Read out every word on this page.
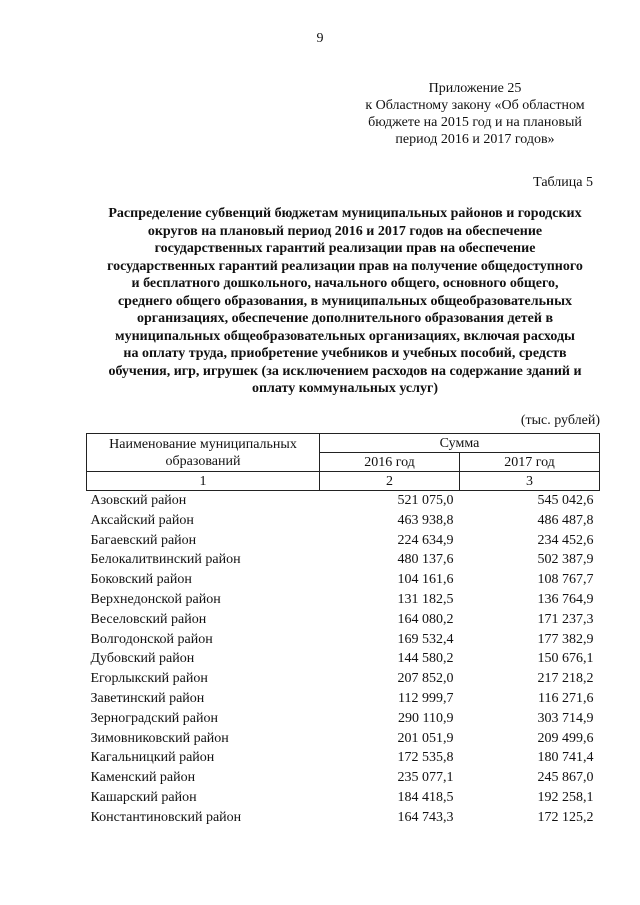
9
Приложение 25
к Областному закону «Об областном
бюджете на 2015 год и на плановый
период 2016 и 2017 годов»
Таблица 5
Распределение субвенций бюджетам муниципальных районов и городских
округов на плановый период 2016 и 2017 годов на обеспечение
государственных гарантий реализации прав на обеспечение
государственных гарантий реализации прав на получение общедоступного
и бесплатного дошкольного, начального общего, основного общего,
среднего общего образования, в муниципальных общеобразовательных
организациях, обеспечение дополнительного образования детей в
муниципальных общеобразовательных организациях, включая расходы
на оплату труда, приобретение учебников и учебных пособий, средств
обучения, игр, игрушек (за исключением расходов на содержание зданий и
оплату коммунальных услуг)
(тыс. рублей)
Наименование муниципальных
образований	Сумма	
	2016 год	2017 год
1	2	3
Азовский район	521 075,0	545 042,6
Аксайский район	463 938,8	486 487,8
Багаевский район	224 634,9	234 452,6
Белокалитвинский район	480 137,6	502 387,9
Боковский район	104 161,6	108 767,7
Верхнедонской район	131 182,5	136 764,9
Веселовский район	164 080,2	171 237,3
Волгодонской район	169 532,4	177 382,9
Дубовский район	144 580,2	150 676,1
Егорлыкский район	207 852,0	217 218,2
Заветинский район	112 999,7	116 271,6
Зерноградский район	290 110,9	303 714,9
Зимовниковский район	201 051,9	209 499,6
Кагальницкий район	172 535,8	180 741,4
Каменский район	235 077,1	245 867,0
Кашарский район	184 418,5	192 258,1
Константиновский район	164 743,3	172 125,2
